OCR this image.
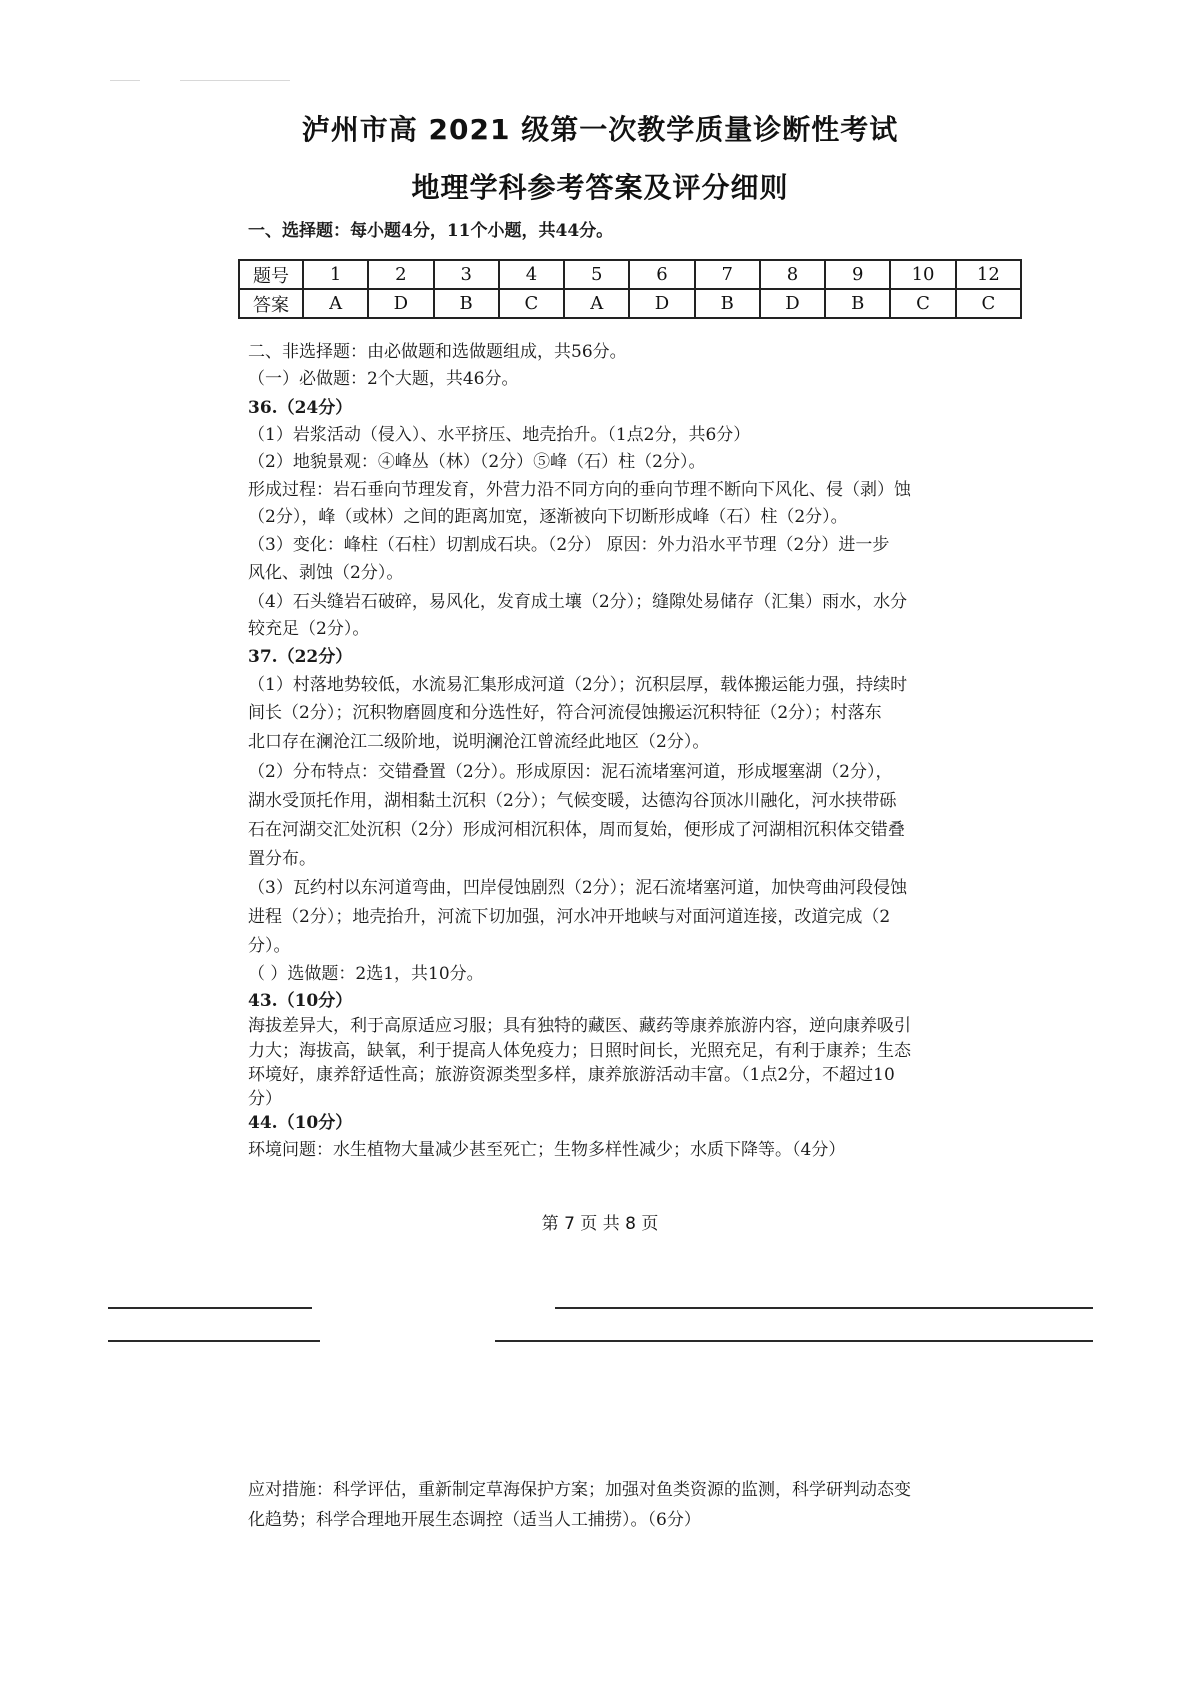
泸州市高 2021 级第一次教学质量诊断性考试
地理学科参考答案及评分细则
一、选择题：每小题4分，11个小题，共44分。
题号	1	2	3	4	5	6	7	8	9	10	12
答案	A	D	B	C	A	D	B	D	B	C	C
二、非选择题：由必做题和选做题组成，共56分。
（一）必做题：2个大题，共46分。
36.（24分）
（1）岩浆活动（侵入）、水平挤压、地壳抬升。（1点2分，共6分）
（2）地貌景观：④峰丛（林）（2分）⑤峰（石）柱（2分）。
形成过程：岩石垂向节理发育，外营力沿不同方向的垂向节理不断向下风化、侵（剥）蚀
（2分），峰（或林）之间的距离加宽，逐渐被向下切断形成峰（石）柱（2分）。
（3）变化：峰柱（石柱）切割成石块。（2分） 原因：外力沿水平节理（2分）进一步
风化、剥蚀（2分）。
（4）石头缝岩石破碎，易风化，发育成土壤（2分）；缝隙处易储存（汇集）雨水，水分
较充足（2分）。
37.（22分）
（1）村落地势较低，水流易汇集形成河道（2分）；沉积层厚，载体搬运能力强，持续时
间长（2分）；沉积物磨圆度和分选性好，符合河流侵蚀搬运沉积特征（2分）；村落东
北口存在澜沧江二级阶地，说明澜沧江曾流经此地区（2分）。
（2）分布特点：交错叠置（2分）。形成原因：泥石流堵塞河道，形成堰塞湖（2分），
湖水受顶托作用，湖相黏土沉积（2分）；气候变暖，达德沟谷顶冰川融化，河水挟带砾
石在河湖交汇处沉积（2分）形成河相沉积体，周而复始，便形成了河湖相沉积体交错叠
置分布。
（3）瓦约村以东河道弯曲，凹岸侵蚀剧烈（2分）；泥石流堵塞河道，加快弯曲河段侵蚀
进程（2分）；地壳抬升，河流下切加强，河水冲开地峡与对面河道连接，改道完成（2
分）。
（ ）选做题：2选1，共10分。
43.（10分）
海拔差异大，利于高原适应习服；具有独特的藏医、藏药等康养旅游内容，逆向康养吸引
力大；海拔高，缺氧，利于提高人体免疫力；日照时间长，光照充足，有利于康养；生态
环境好，康养舒适性高；旅游资源类型多样，康养旅游活动丰富。（1点2分，不超过10
分）
44.（10分）
环境问题：水生植物大量减少甚至死亡；生物多样性减少；水质下降等。（4分）
第 7 页 共 8 页
应对措施：科学评估，重新制定草海保护方案；加强对鱼类资源的监测，科学研判动态变
化趋势；科学合理地开展生态调控（适当人工捕捞）。（6分）
